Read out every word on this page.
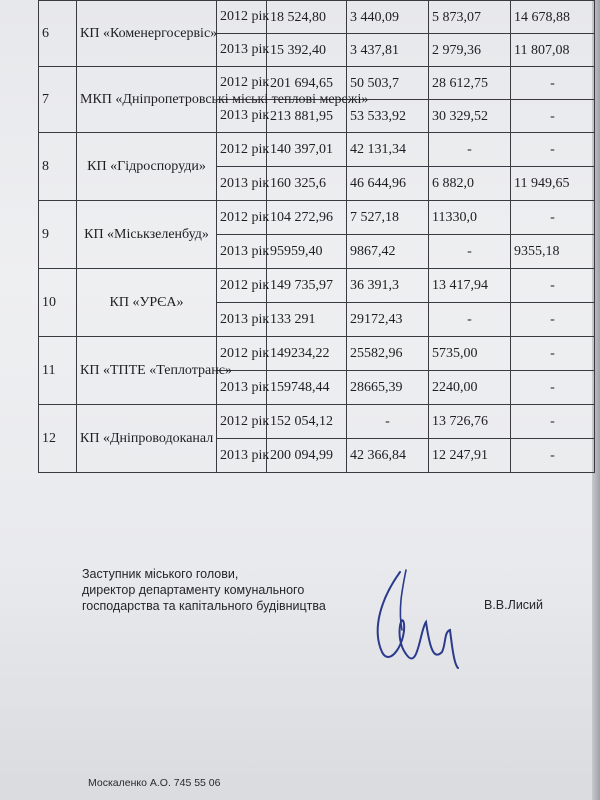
6	КП «Коменергосервіс»	2012 рік	18 524,80	3 440,09	5 873,07	14 678,88
		2013 рік	15 392,40	3 437,81	2 979,36	11 807,08
7	МКП «Дніпропетровські міські теплові мережі»	2012 рік	201 694,65	50 503,7	28 612,75	-
		2013 рік	213 881,95	53 533,92	30 329,52	-
8	КП «Гідроспоруди»	2012 рік	140 397,01	42 131,34	-	-
		2013 рік	160 325,6	46 644,96	6 882,0	11 949,65
9	КП «Міськзеленбуд»	2012 рік	104 272,96	7 527,18	11330,0	-
		2013 рік	95959,40	9867,42	-	9355,18
10	КП «УРЄА»	2012 рік	149 735,97	36 391,3	13 417,94	-
		2013 рік	133 291	29172,43	-	-
11	КП «ТПТЕ «Теплотранс»	2012 рік	149234,22	25582,96	5735,00	-
		2013 рік	159748,44	28665,39	2240,00	-
12	КП «Дніпроводоканал	2012 рік	152 054,12	-	13 726,76	-
		2013 рік	200 094,99	42 366,84	12 247,91	-
Заступник міського голови,
директор департаменту комунального
господарства та капітального будівництва	В.В.Лисий
Москаленко А.О. 745 55 06
